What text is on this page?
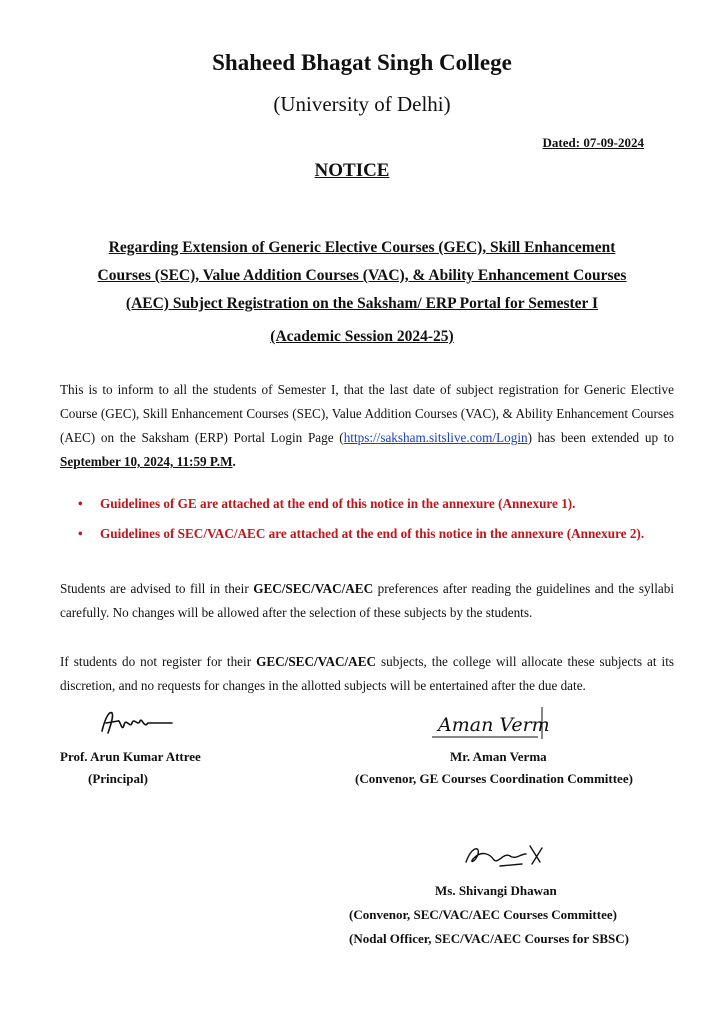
Shaheed Bhagat Singh College
(University of Delhi)
Dated: 07-09-2024
NOTICE
Regarding Extension of Generic Elective Courses (GEC), Skill Enhancement
Courses (SEC), Value Addition Courses (VAC), & Ability Enhancement Courses
(AEC) Subject Registration on the Saksham/ ERP Portal for Semester I
(Academic Session 2024-25)
This is to inform to all the students of Semester I, that the last date of subject registration for Generic Elective Course (GEC), Skill Enhancement Courses (SEC), Value Addition Courses (VAC), & Ability Enhancement Courses (AEC) on the Saksham (ERP) Portal Login Page (https://saksham.sitslive.com/Login) has been extended up to September 10, 2024, 11:59 P.M.
• Guidelines of GE are attached at the end of this notice in the annexure (Annexure 1).
• Guidelines of SEC/VAC/AEC are attached at the end of this notice in the annexure (Annexure 2).
Students are advised to fill in their GEC/SEC/VAC/AEC preferences after reading the guidelines and the syllabi carefully. No changes will be allowed after the selection of these subjects by the students.
If students do not register for their GEC/SEC/VAC/AEC subjects, the college will allocate these subjects at its discretion, and no requests for changes in the allotted subjects will be entertained after the due date.
Prof. Arun Kumar Attree
(Principal)
Aman Verm
Mr. Aman Verma
(Convenor, GE Courses Coordination Committee)
Ms. Shivangi Dhawan
(Convenor, SEC/VAC/AEC Courses Committee)
(Nodal Officer, SEC/VAC/AEC Courses for SBSC)
